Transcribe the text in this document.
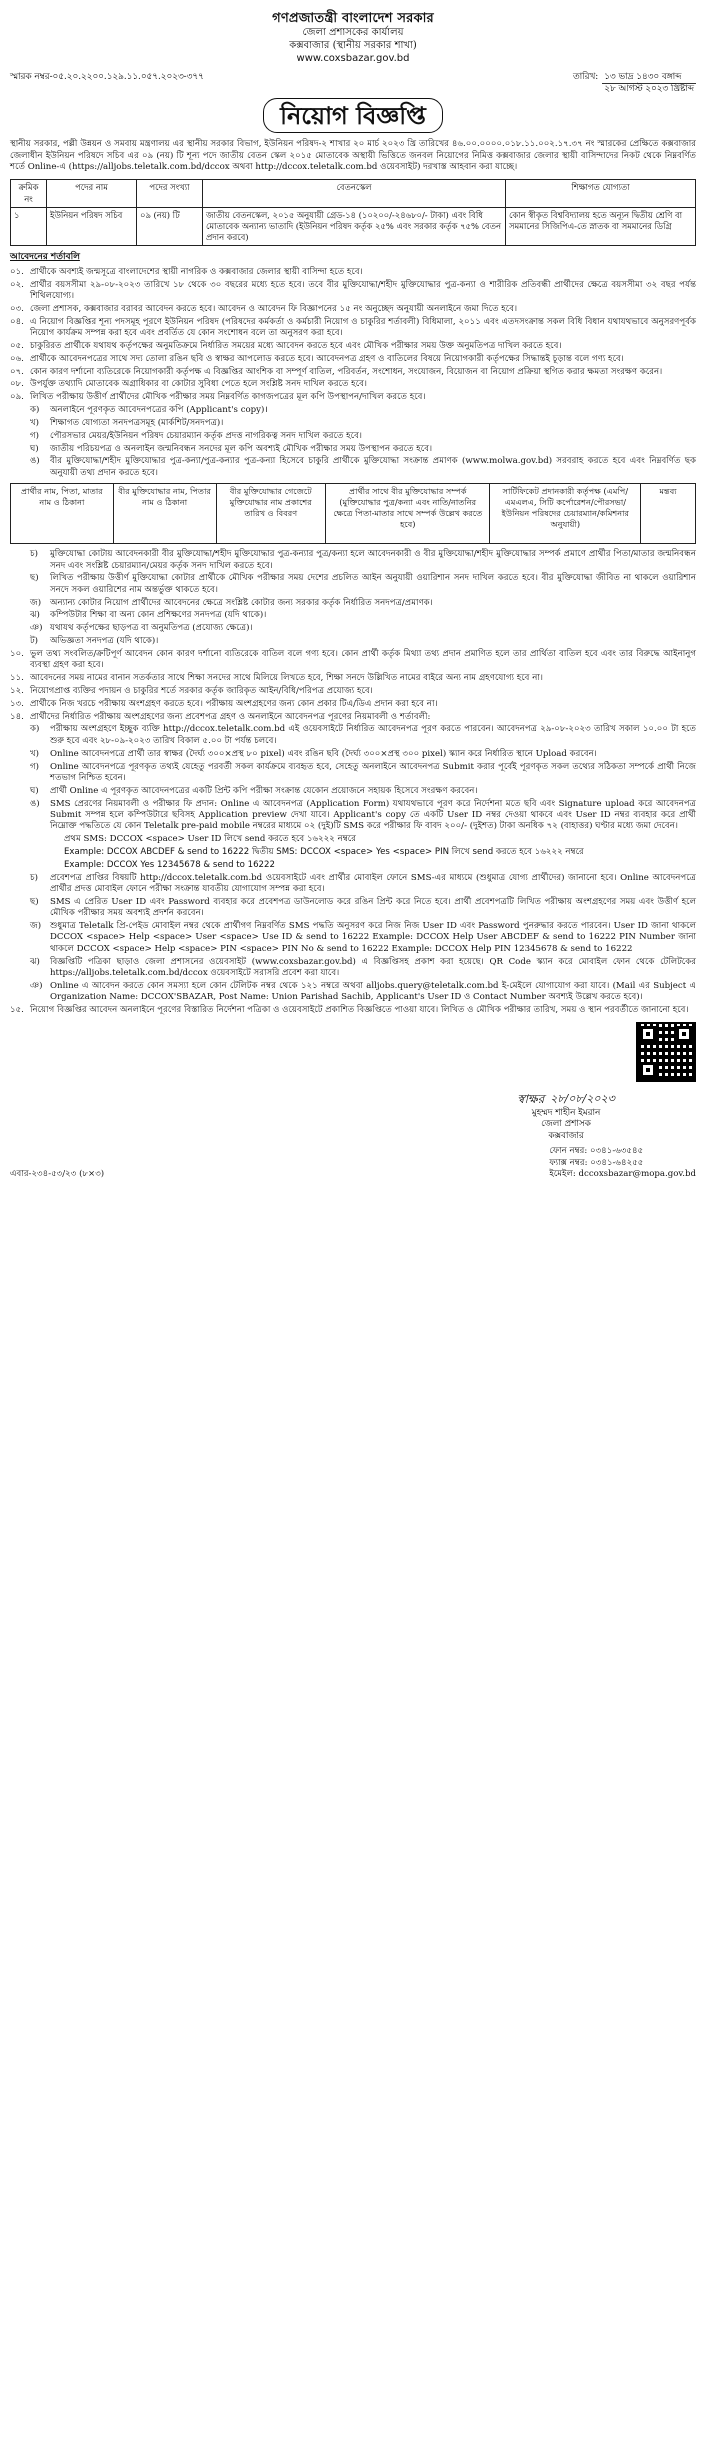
গণপ্রজাতন্ত্রী বাংলাদেশ সরকার
জেলা প্রশাসকের কার্যালয়
কক্সবাজার (স্থানীয় সরকার শাখা)
www.coxsbazar.gov.bd
স্মারক নম্বর-০৫.২০.২২০০.১২৯.১১.০৫৭.২০২৩-৩৭৭	তারিখ: ১৩ ভাদ্র ১৪৩০ বঙ্গাব্দ
২৮ আগস্ট ২০২৩ খ্রিষ্টাব্দ
নিয়োগ বিজ্ঞপ্তি

স্থানীয় সরকার, পল্লী উন্নয়ন ও সমবায় মন্ত্রণালয় এর স্থানীয় সরকার বিভাগ, ইউনিয়ন পরিষদ-২ শাখার ২০ মার্চ ২০২৩ খ্রি তারিখের ৪৬.০০.০০০০.০১৮.১১.০০২.১৭.৩৭ নং স্মারকের প্রেক্ষিতে কক্সবাজার জেলাধীন ইউনিয়ন পরিষদে সচিব এর ০৯ (নয়) টি শূন্য পদে জাতীয় বেতন স্কেল ২০১৫ মোতাবেক অস্থায়ী ভিত্তিতে জনবল নিয়োগের নিমিত্ত কক্সবাজার জেলার স্থায়ী বাসিন্দাদের নিকট থেকে নিম্নবর্ণিত শর্তে Online-এ (https://alljobs.teletalk.com.bd/dccox অথবা http://dccox.teletalk.com.bd ওয়েবসাইট) দরখাস্ত আহবান করা যাচ্ছে।

ক্রমিক নং	পদের নাম	পদের সংখ্যা	বেতনস্কেল	শিক্ষাগত যোগ্যতা
১	ইউনিয়ন পরিষদ সচিব	০৯ (নয়) টি	জাতীয় বেতনস্কেল, ২০১৫ অনুযায়ী গ্রেড-১৪ (১০২০০/-২৪৬৮০/- টাকা) এবং বিধি মোতাবেক অন্যান্য ভাতাদি (ইউনিয়ন পরিষদ কর্তৃক ২৫% এবং সরকার কর্তৃক ৭৫% বেতন প্রদান করবে)	কোন স্বীকৃত বিশ্ববিদ্যালয় হতে অন্যূন দ্বিতীয় শ্রেণি বা সমমানের সিজিপিএ-তে স্নাতক বা সমমানের ডিগ্রি
আবেদনের শর্তাবলি
০১. প্রার্থীকে অবশ্যই জন্মসূত্রে বাংলাদেশের স্থায়ী নাগরিক ও কক্সবাজার জেলার স্থায়ী বাসিন্দা হতে হবে।
০২. প্রার্থীর বয়সসীমা ২৯-০৮-২০২৩ তারিখে ১৮ থেকে ৩০ বছরের মধ্যে হতে হবে। তবে বীর মুক্তিযোদ্ধা/শহীদ মুক্তিযোদ্ধার পুত্র-কন্যা ও শারীরিক প্রতিবন্ধী প্রার্থীদের ক্ষেত্রে বয়সসীমা ৩২ বছর পর্যন্ত শিথিলযোগ্য।
০৩. জেলা প্রশাসক, কক্সবাজার বরাবর আবেদন করতে হবে। আবেদন ও আবেদন ফি বিজ্ঞাপনের ১৫ নং অনুচ্ছেদ অনুযায়ী অনলাইনে জমা দিতে হবে।
০৪. এ নিয়োগ বিজ্ঞপ্তির শূন্য পদসমূহ পূরণে ইউনিয়ন পরিষদ (পরিষদের কর্মকর্তা ও কর্মচারী নিয়োগ ও চাকুরির শর্তাবলী) বিধিমালা, ২০১১ এবং এতদসংক্রান্ত সকল বিধি বিধান যথাযথভাবে অনুসরণপূর্বক নিয়োগ কার্যক্রম সম্পন্ন করা হবে এবং প্রবর্তিত যে কোন সংশোধন বলে তা অনুসরণ করা হবে।
০৫. চাকুরিরত প্রার্থীকে যথাযথ কর্তৃপক্ষের অনুমতিক্রমে নির্ধারিত সময়ের মধ্যে আবেদন করতে হবে এবং মৌখিক পরীক্ষার সময় উক্ত অনুমতিপত্র দাখিল করতে হবে।
০৬. প্রার্থীকে আবেদনপত্রের সাথে সদ্য তোলা রঙিন ছবি ও স্বাক্ষর আপলোড করতে হবে। আবেদনপত্র গ্রহণ ও বাতিলের বিষয়ে নিয়োগকারী কর্তৃপক্ষের সিদ্ধান্তই চূড়ান্ত বলে গণ্য হবে।
০৭. কোন কারণ দর্শানো ব্যতিরেকে নিয়োগকারী কর্তৃপক্ষ এ বিজ্ঞপ্তির আংশিক বা সম্পূর্ণ বাতিল, পরিবর্তন, সংশোধন, সংযোজন, বিয়োজন বা নিয়োগ প্রক্রিয়া স্থগিত করার ক্ষমতা সংরক্ষণ করেন।
০৮. উপর্যুক্ত তথ্যাদি মোতাবেক অগ্রাধিকার বা কোটার সুবিধা পেতে হলে সংশ্লিষ্ট সনদ দাখিল করতে হবে।
০৯. লিখিত পরীক্ষায় উত্তীর্ণ প্রার্থীদের মৌখিক পরীক্ষার সময় নিম্নবর্ণিত কাগজপত্রের মূল কপি উপস্থাপন/দাখিল করতে হবে।
ক)	অনলাইনে পূরণকৃত আবেদনপত্রের কপি (Applicant's copy)।
খ)	শিক্ষাগত যোগ্যতা সনদপত্রসমূহ (মার্কশিট/সনদপত্র)।
গ)	পৌরসভার মেয়র/ইউনিয়ন পরিষদ চেয়ারম্যান কর্তৃক প্রদত্ত নাগরিকত্ব সনদ দাখিল করতে হবে।
ঘ)	জাতীয় পরিচয়পত্র ও অনলাইন জন্মনিবন্ধন সনদের মূল কপি অবশ্যই মৌখিক পরীক্ষার সময় উপস্থাপন করতে হবে।
ঙ)	বীর মুক্তিযোদ্ধা/শহীদ মুক্তিযোদ্ধার পুত্র-কন্যা/পুত্র-কন্যার পুত্র-কন্যা হিসেবে চাকুরি প্রার্থীকে মুক্তিযোদ্ধা সংক্রান্ত প্রমাণক (www.molwa.gov.bd) সরবরাহ করতে হবে এবং নিম্নবর্ণিত ছক অনুযায়ী তথ্য প্রদান করতে হবে।
প্রার্থীর নাম, পিতা, মাতার নাম ও ঠিকানা	বীর মুক্তিযোদ্ধার নাম, পিতার নাম ও ঠিকানা	বীর মুক্তিযোদ্ধার গেজেটে মুক্তিযোদ্ধার নাম প্রকাশের তারিখ ও বিবরণ	প্রার্থীর সাথে বীর মুক্তিযোদ্ধার সম্পর্ক (মুক্তিযোদ্ধার পুত্র/কন্যা এবং নাতি/নাতনির ক্ষেত্রে পিতা-মাতার সাথে সম্পর্ক উল্লেখ করতে হবে)	সার্টিফিকেট প্রদানকারী কর্তৃপক্ষ (এমপি/এমএলএ, সিটি কর্পোরেশন/পৌরসভা/ইউনিয়ন পরিষদের চেয়ারম্যান/কমিশনার অনুযায়ী)	মন্তব্য
চ)	মুক্তিযোদ্ধা কোটায় আবেদনকারী বীর মুক্তিযোদ্ধা/শহীদ মুক্তিযোদ্ধার পুত্র-কন্যার পুত্র/কন্যা হলে আবেদনকারী ও বীর মুক্তিযোদ্ধা/শহীদ মুক্তিযোদ্ধার সম্পর্ক প্রমাণে প্রার্থীর পিতা/মাতার জন্মনিবন্ধন সনদ এবং সংশ্লিষ্ট চেয়ারম্যান/মেয়র কর্তৃক সনদ দাখিল করতে হবে।
ছ)	লিখিত পরীক্ষায় উত্তীর্ণ মুক্তিযোদ্ধা কোটার প্রার্থীকে মৌখিক পরীক্ষার সময় দেশের প্রচলিত আইন অনুযায়ী ওয়ারিশান সনদ দাখিল করতে হবে। বীর মুক্তিযোদ্ধা জীবিত না থাকলে ওয়ারিশান সনদে সকল ওয়ারিশের নাম অন্তর্ভুক্ত থাকতে হবে।
জ)	অন্যান্য কোটার নিয়োগ প্রার্থীদের আবেদনের ক্ষেত্রে সংশ্লিষ্ট কোটার জন্য সরকার কর্তৃক নির্ধারিত সনদপত্র/প্রমাণক।
ঝ)	কম্পিউটার শিক্ষা বা অন্য কোন প্রশিক্ষণের সনদপত্র (যদি থাকে)।
ঞ) যথাযথ কর্তৃপক্ষের ছাড়পত্র বা অনুমতিপত্র (প্রযোজ্য ক্ষেত্রে)।
ট)	অভিজ্ঞতা সনদপত্র (যদি থাকে)।
১০. ভুল তথ্য সংবলিত/ক্রটিপূর্ণ আবেদন কোন কারণ দর্শানো ব্যতিরেকে বাতিল বলে গণ্য হবে। কোন প্রার্থী কর্তৃক মিথ্যা তথ্য প্রদান প্রমাণিত হলে তার প্রার্থিতা বাতিল হবে এবং তার বিরুদ্ধে আইনানুগ ব্যবস্থা গ্রহণ করা হবে।
১১. আবেদনের সময় নামের বানান সতর্কতার সাথে শিক্ষা সনদের সাথে মিলিয়ে লিখতে হবে, শিক্ষা সনদে উল্লিখিত নামের বাইরে অন্য নাম গ্রহণযোগ্য হবে না।
১২. নিয়োগপ্রাপ্ত ব্যক্তির পদায়ন ও চাকুরির শর্তে সরকার কর্তৃক জারিকৃত আইন/বিধি/পরিপত্র প্রযোজ্য হবে।
১৩. প্রার্থীকে নিজ খরচে পরীক্ষায় অংশগ্রহণ করতে হবে। পরীক্ষায় অংশগ্রহণের জন্য কোন প্রকার টিএ/ডিএ প্রদান করা হবে না।
১৪. প্রার্থীদের নির্ধারিত পরীক্ষায় অংশগ্রহণের জন্য প্রবেশপত্র গ্রহণ ও অনলাইনে আবেদনপত্র পূরণের নিয়মাবলী ও শর্তাবলী:
ক)	পরীক্ষায় অংশগ্রহণে ইচ্ছুক ব্যক্তি http://dccox.teletalk.com.bd এই ওয়েবসাইটে নির্ধারিত আবেদনপত্র পূরণ করতে পারবেন। আবেদনপত্র ২৯-০৮-২০২৩ তারিখ সকাল ১০.০০ টা হতে শুরু হবে এবং ২৮-০৯-২০২৩ তারিখ বিকাল ৫.০০ টা পর্যন্ত চলবে।
খ)	Online আবেদনপত্রে প্রার্থী তার স্বাক্ষর (দৈর্ঘ্য ৩০০×প্রস্থ ৮০ pixel) এবং রঙিন ছবি (দৈর্ঘ্য ৩০০×প্রস্থ ৩০০ pixel) স্ক্যান করে নির্ধারিত স্থানে Upload করবেন।
গ)	Online আবেদনপত্রে পূরণকৃত তথ্যই যেহেতু পরবর্তী সকল কার্যক্রমে ব্যবহৃত হবে, সেহেতু অনলাইনে আবেদনপত্র Submit করার পূর্বেই পূরণকৃত সকল তথ্যের সঠিকতা সম্পর্কে প্রার্থী নিজে শতভাগ নিশ্চিত হবেন।
ঘ)	প্রার্থী Online এ পূরণকৃত আবেদনপত্রের একটি প্রিন্ট কপি পরীক্ষা সংক্রান্ত যেকোন প্রয়োজনে সহায়ক হিসেবে সংরক্ষণ করবেন।
ঙ)	SMS প্রেরণের নিয়মাবলী ও পরীক্ষার ফি প্রদান: Online এ আবেদনপত্র (Application Form) যথাযথভাবে পূরণ করে নির্দেশনা মতে ছবি এবং Signature upload করে আবেদনপত্র Submit সম্পন্ন হলে কম্পিউটারে ছবিসহ Application preview দেখা যাবে। Applicant's copy তে একটি User ID নম্বর দেওয়া থাকবে এবং User ID নম্বর ব্যবহার করে প্রার্থী নিম্নোক্ত পদ্ধতিতে যে কোন Teletalk pre-paid mobile নম্বরের মাধ্যমে ০২ (দুই)টি SMS করে পরীক্ষার ফি বাবদ ২০০/- (দুইশত) টাকা অনধিক ৭২ (বাহাত্তর) ঘণ্টার মধ্যে জমা দেবেন।
প্রথম SMS: DCCOX <space> User ID লিখে send করতে হবে ১৬২২২ নম্বরে
Example: DCCOX ABCDEF & send to 16222 দ্বিতীয় SMS: DCCOX <space> Yes <space> PIN লিখে send করতে হবে ১৬২২২ নম্বরে
Example: DCCOX Yes 12345678 & send to 16222
চ)	প্রবেশপত্র প্রাপ্তির বিষয়টি http://dccox.teletalk.com.bd ওয়েবসাইটে এবং প্রার্থীর মোবাইল ফোনে SMS-এর মাধ্যমে (শুধুমাত্র যোগ্য প্রার্থীদের) জানানো হবে। Online আবেদনপত্রে প্রার্থীর প্রদত্ত মোবাইল ফোনে পরীক্ষা সংক্রান্ত যাবতীয় যোগাযোগ সম্পন্ন করা হবে।
ছ)	SMS এ প্রেরিত User ID এবং Password ব্যবহার করে প্রবেশপত্র ডাউনলোড করে রঙিন প্রিন্ট করে নিতে হবে। প্রার্থী প্রবেশপত্রটি লিখিত পরীক্ষায় অংশগ্রহণের সময় এবং উত্তীর্ণ হলে মৌখিক পরীক্ষার সময় অবশ্যই প্রদর্শন করবেন।
জ)	শুধুমাত্র Teletalk প্রি-পেইড মোবাইল নম্বর থেকে প্রার্থীগণ নিম্নবর্ণিত SMS পদ্ধতি অনুসরণ করে নিজ নিজ User ID এবং Password পুনরুদ্ধার করতে পারবেন। User ID জানা থাকলে DCCOX <space> Help <space> User <space> Use ID & send to 16222 Example: DCCOX Help User ABCDEF & send to 16222 PIN Number জানা থাকলে DCCOX <space> Help <space> PIN <space> PIN No & send to 16222 Example: DCCOX Help PIN 12345678 & send to 16222
ঝ)	বিজ্ঞপ্তিটি পত্রিকা ছাড়াও জেলা প্রশাসনের ওয়েবসাইট (www.coxsbazar.gov.bd) এ বিজ্ঞপ্তিসহ প্রকাশ করা হয়েছে। QR Code স্ক্যান করে মোবাইল ফোন থেকে টেলিটকের https://alljobs.teletalk.com.bd/dccox ওয়েবসাইটে সরাসরি প্রবেশ করা যাবে।
ঞ) Online এ আবেদন করতে কোন সমস্যা হলে কোন টেলিটক নম্বর থেকে ১২১ নম্বরে অথবা alljobs.query@teletalk.com.bd ই-মেইলে যোগাযোগ করা যাবে। (Mail এর Subject এ Organization Name: DCCOX'SBAZAR, Post Name: Union Parishad Sachib, Applicant's User ID ও Contact Number অবশ্যই উল্লেখ করতে হবে)।
১৫. নিয়োগ বিজ্ঞপ্তির আবেদন অনলাইনে পূরণের বিস্তারিত নির্দেশনা পত্রিকা ও ওয়েবসাইটে প্রকাশিত বিজ্ঞপ্তিতে পাওয়া যাবে। লিখিত ও মৌখিক পরীক্ষার তারিখ, সময় ও স্থান পরবর্তীতে জানানো হবে।
স্বাক্ষর ২৮/০৮/২০২৩
মুহম্মদ শাহীন ইমরান
জেলা প্রশাসক
কক্সবাজার
এবার-২৩৪-৫৩/২৩ (৮×৩)
ফোন নম্বর: ০৩৪১-৬৩৫৪৫
ফ্যাক্স নম্বর: ০৩৪১-৬৪২৫৫
ইমেইল: dccoxsbazar@mopa.gov.bd
